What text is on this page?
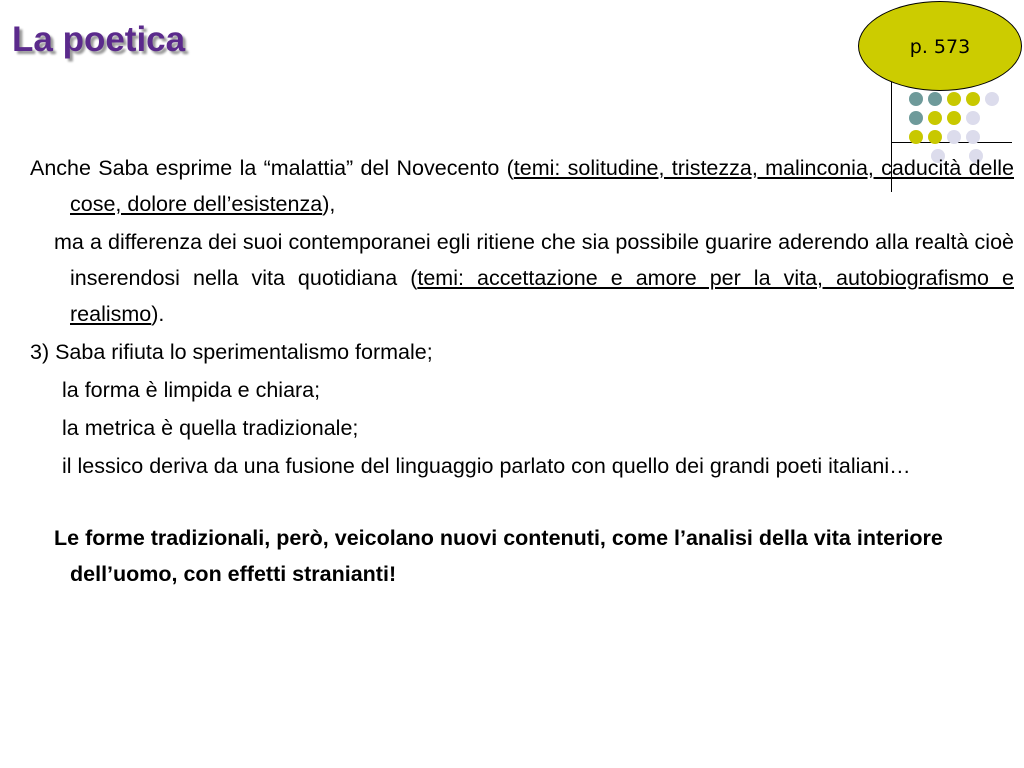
La poetica	p. 573

Anche Saba esprime la “malattia” del Novecento (temi: solitudine, tristezza, malinconia, caducità delle cose, dolore dell’esistenza),

ma a differenza dei suoi contemporanei egli ritiene che sia possibile guarire aderendo alla realtà cioè inserendosi nella vita quotidiana (temi: accettazione e amore per la vita, autobiografismo e realismo).

3) Saba rifiuta lo sperimentalismo formale;

la forma è limpida e chiara;

la metrica è quella tradizionale;

il lessico deriva da una fusione del linguaggio parlato con quello dei grandi poeti italiani…

Le forme tradizionali, però, veicolano nuovi contenuti, come l’analisi della vita interiore dell’uomo, con effetti stranianti!
